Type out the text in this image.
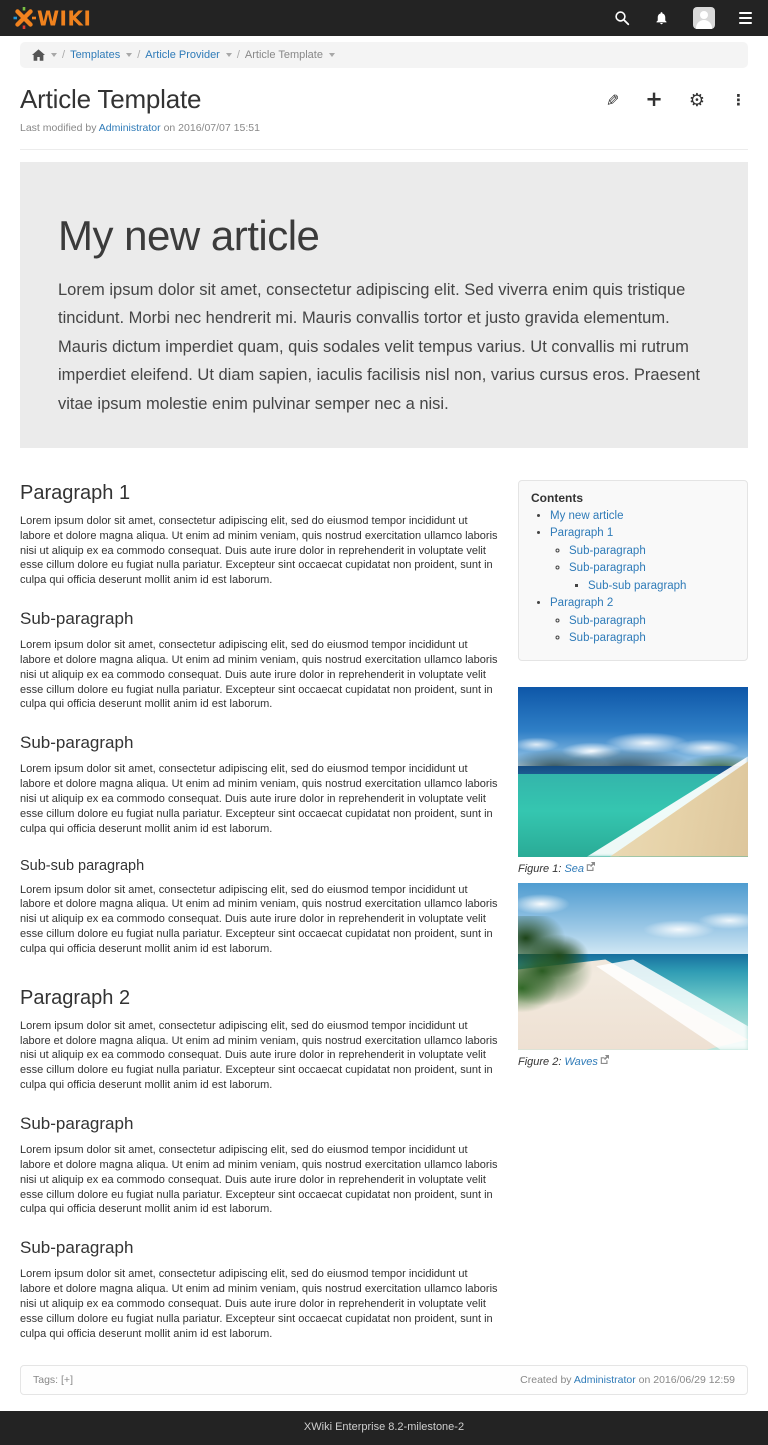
WIKI
/ Templates / Article Provider / Article Template
Article Template	✎ + ⚙ ⋮
Last modified by Administrator on 2016/07/07 15:51
My new article

Lorem ipsum dolor sit amet, consectetur adipiscing elit. Sed viverra enim quis tristique tincidunt. Morbi nec hendrerit mi. Mauris convallis tortor et justo gravida elementum. Mauris dictum imperdiet quam, quis sodales velit tempus varius. Ut convallis mi rutrum imperdiet eleifend. Ut diam sapien, iaculis facilisis nisl non, varius cursus eros. Praesent vitae ipsum molestie enim pulvinar semper nec a nisi.

Paragraph 1

Lorem ipsum dolor sit amet, consectetur adipiscing elit, sed do eiusmod tempor incididunt ut labore et dolore magna aliqua. Ut enim ad minim veniam, quis nostrud exercitation ullamco laboris nisi ut aliquip ex ea commodo consequat. Duis aute irure dolor in reprehenderit in voluptate velit esse cillum dolore eu fugiat nulla pariatur. Excepteur sint occaecat cupidatat non proident, sunt in culpa qui officia deserunt mollit anim id est laborum.

Sub-paragraph

Lorem ipsum dolor sit amet, consectetur adipiscing elit, sed do eiusmod tempor incididunt ut labore et dolore magna aliqua. Ut enim ad minim veniam, quis nostrud exercitation ullamco laboris nisi ut aliquip ex ea commodo consequat. Duis aute irure dolor in reprehenderit in voluptate velit esse cillum dolore eu fugiat nulla pariatur. Excepteur sint occaecat cupidatat non proident, sunt in culpa qui officia deserunt mollit anim id est laborum.

Sub-paragraph

Lorem ipsum dolor sit amet, consectetur adipiscing elit, sed do eiusmod tempor incididunt ut labore et dolore magna aliqua. Ut enim ad minim veniam, quis nostrud exercitation ullamco laboris nisi ut aliquip ex ea commodo consequat. Duis aute irure dolor in reprehenderit in voluptate velit esse cillum dolore eu fugiat nulla pariatur. Excepteur sint occaecat cupidatat non proident, sunt in culpa qui officia deserunt mollit anim id est laborum.

Sub-sub paragraph

Lorem ipsum dolor sit amet, consectetur adipiscing elit, sed do eiusmod tempor incididunt ut labore et dolore magna aliqua. Ut enim ad minim veniam, quis nostrud exercitation ullamco laboris nisi ut aliquip ex ea commodo consequat. Duis aute irure dolor in reprehenderit in voluptate velit esse cillum dolore eu fugiat nulla pariatur. Excepteur sint occaecat cupidatat non proident, sunt in culpa qui officia deserunt mollit anim id est laborum.

Paragraph 2

Lorem ipsum dolor sit amet, consectetur adipiscing elit, sed do eiusmod tempor incididunt ut labore et dolore magna aliqua. Ut enim ad minim veniam, quis nostrud exercitation ullamco laboris nisi ut aliquip ex ea commodo consequat. Duis aute irure dolor in reprehenderit in voluptate velit esse cillum dolore eu fugiat nulla pariatur. Excepteur sint occaecat cupidatat non proident, sunt in culpa qui officia deserunt mollit anim id est laborum.

Sub-paragraph

Lorem ipsum dolor sit amet, consectetur adipiscing elit, sed do eiusmod tempor incididunt ut labore et dolore magna aliqua. Ut enim ad minim veniam, quis nostrud exercitation ullamco laboris nisi ut aliquip ex ea commodo consequat. Duis aute irure dolor in reprehenderit in voluptate velit esse cillum dolore eu fugiat nulla pariatur. Excepteur sint occaecat cupidatat non proident, sunt in culpa qui officia deserunt mollit anim id est laborum.

Sub-paragraph

Lorem ipsum dolor sit amet, consectetur adipiscing elit, sed do eiusmod tempor incididunt ut labore et dolore magna aliqua. Ut enim ad minim veniam, quis nostrud exercitation ullamco laboris nisi ut aliquip ex ea commodo consequat. Duis aute irure dolor in reprehenderit in voluptate velit esse cillum dolore eu fugiat nulla pariatur. Excepteur sint occaecat cupidatat non proident, sunt in culpa qui officia deserunt mollit anim id est laborum.

Contents
• My new article
• Paragraph 1
◦ Sub-paragraph
◦ Sub-paragraph
▪ Sub-sub paragraph
• Paragraph 2
◦ Sub-paragraph
◦ Sub-paragraph
Figure 1: Sea
Figure 2: Waves
Tags: [+]	Created by Administrator on 2016/06/29 12:59
XWiki Enterprise 8.2-milestone-2
